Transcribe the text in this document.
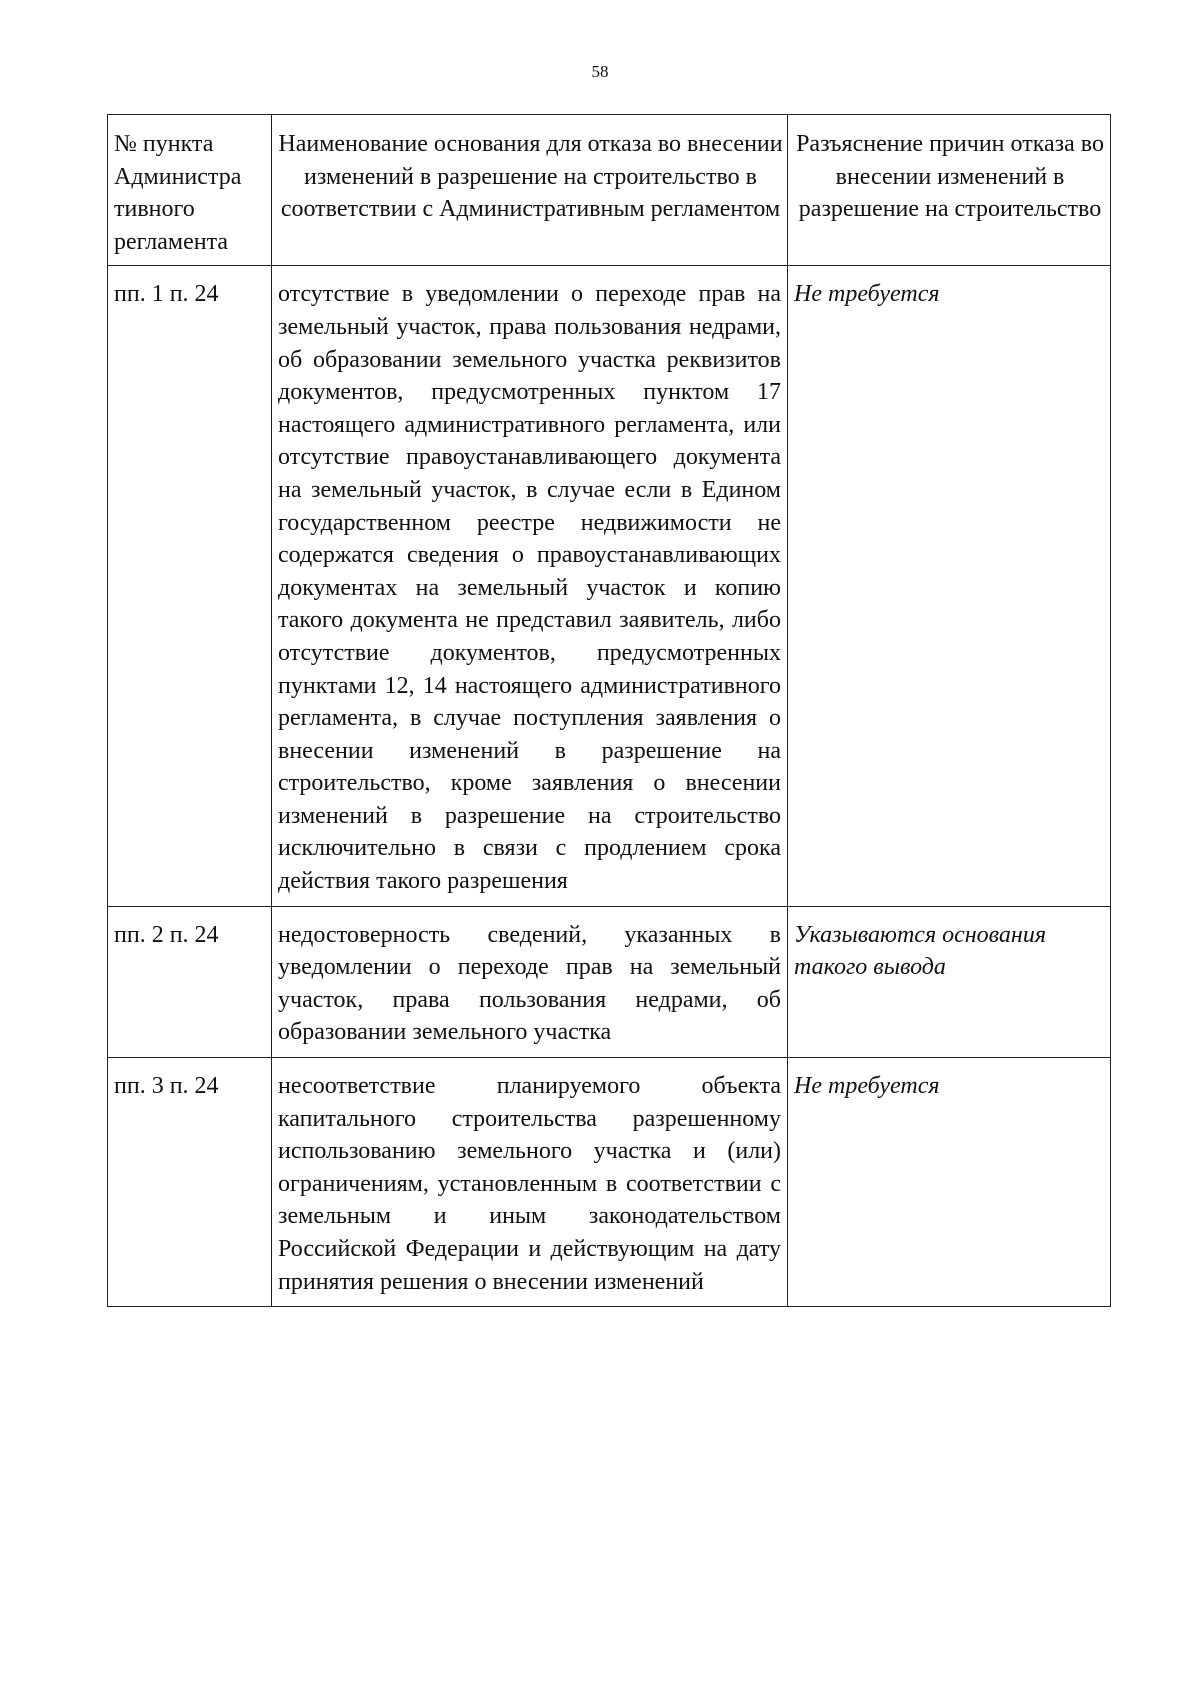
58
№ пункта Администра тивного регламента	Наименование основания для отказа во внесении изменений в разрешение на строительство в соответствии с Административным регламентом	Разъяснение причин отказа во внесении изменений в разрешение на строительство
пп. 1 п. 24	отсутствие в уведомлении о переходе прав на земельный участок, права пользования недрами, об образовании земельного участка реквизитов документов, предусмотренных пунктом 17 настоящего административного регламента, или отсутствие правоустанавливающего документа на земельный участок, в случае если в Едином государственном реестре недвижимости не содержатся сведения о правоустанавливающих документах на земельный участок и копию такого документа не представил заявитель, либо отсутствие документов, предусмотренных пунктами 12, 14 настоящего административного регламента, в случае поступления заявления о внесении изменений в разрешение на строительство, кроме заявления о внесении изменений в разрешение на строительство исключительно в связи с продлением срока действия такого разрешения	Не требуется
пп. 2 п. 24	недостоверность сведений, указанных в уведомлении о переходе прав на земельный участок, права пользования недрами, об образовании земельного участка	Указываются основания такого вывода
пп. 3 п. 24	несоответствие планируемого объекта капитального строительства разрешенному использованию земельного участка и (или) ограничениям, установленным в соответствии с земельным и иным законодательством Российской Федерации и действующим на дату принятия решения о внесении изменений	Не требуется
